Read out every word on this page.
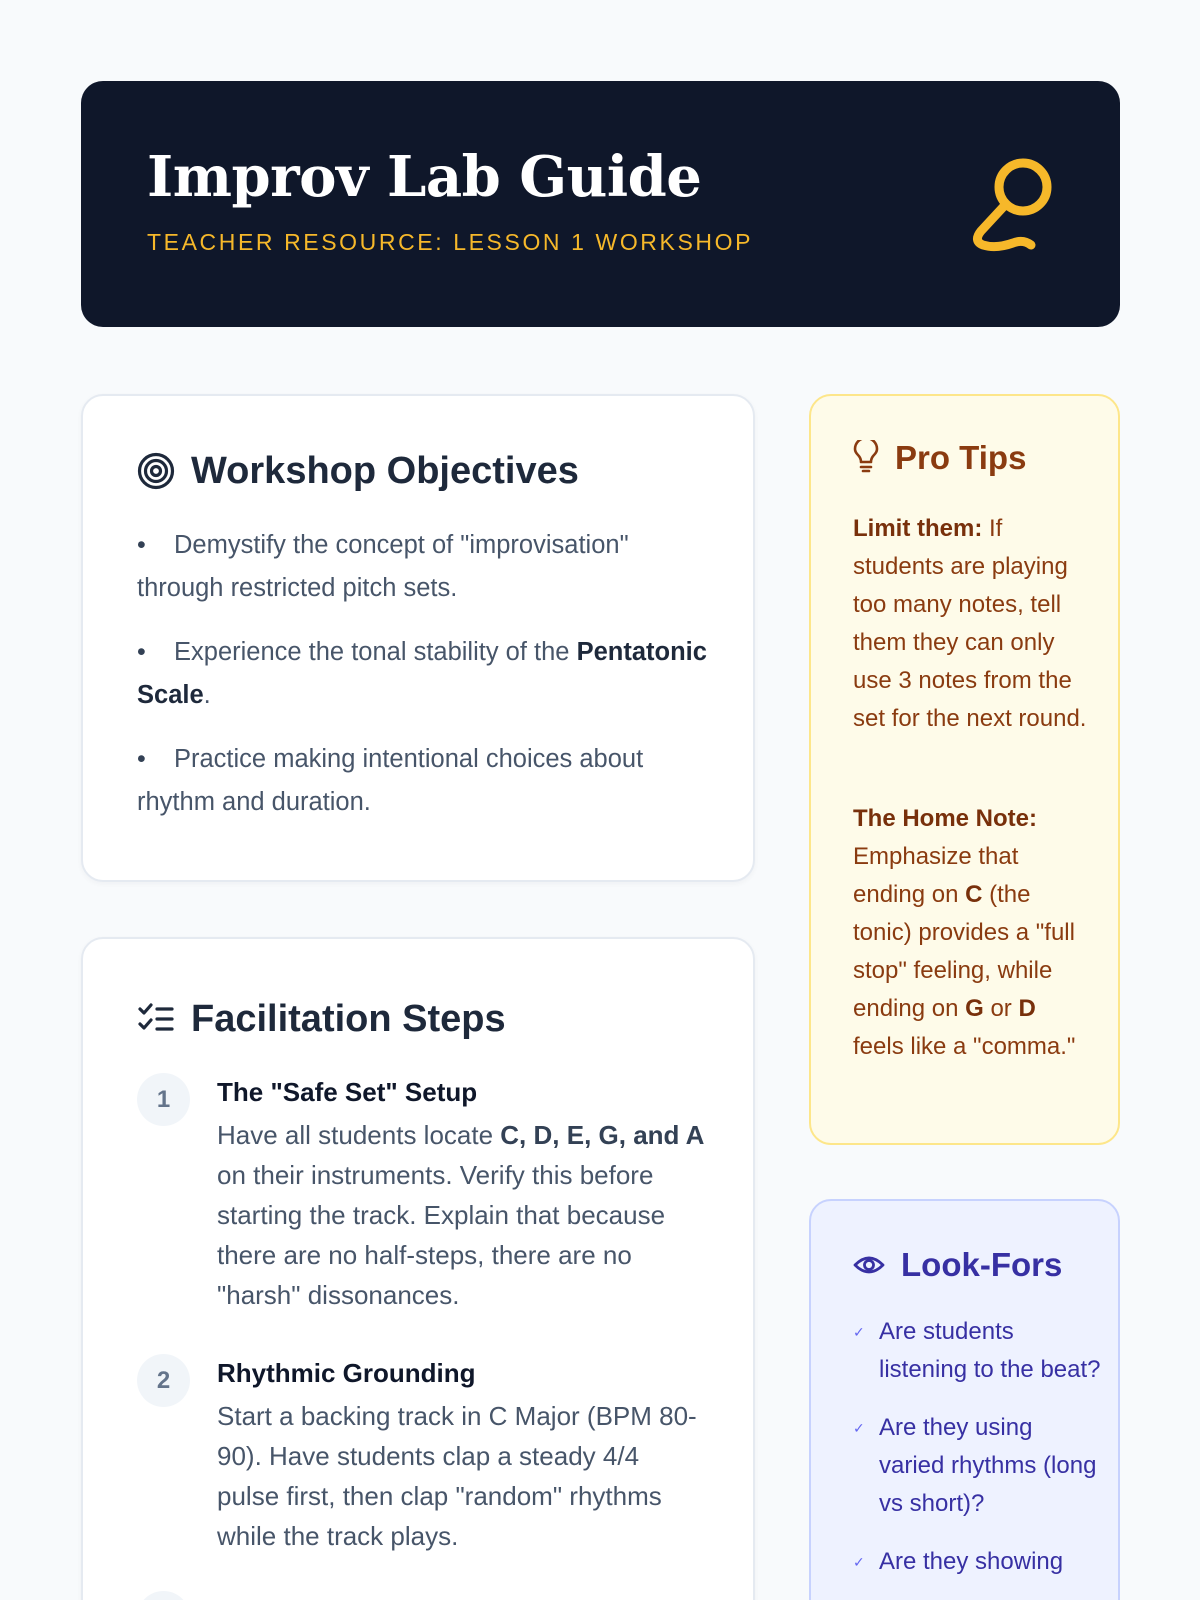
Improv Lab Guide
TEACHER RESOURCE: LESSON 1 WORKSHOP
Workshop Objectives
• Demystify the concept of "improvisation" through restricted pitch sets.
• Experience the tonal stability of the Pentatonic Scale.
• Practice making intentional choices about rhythm and duration.
Facilitation Steps
1	The "Safe Set" Setup
Have all students locate C, D, E, G, and A on their instruments. Verify this before starting the track. Explain that because there are no half-steps, there are no "harsh" dissonances.
2	Rhythmic Grounding
Start a backing track in C Major (BPM 80-90). Have students clap a steady 4/4 pulse first, then clap "random" rhythms while the track plays.
Pro Tips
Limit them: If students are playing too many notes, tell them they can only use 3 notes from the set for the next round.
The Home Note: Emphasize that ending on C (the tonic) provides a "full stop" feeling, while ending on G or D feels like a "comma."
Look-Fors
✓ Are students listening to the beat?
✓ Are they using varied rhythms (long vs short)?
✓ Are they showing
